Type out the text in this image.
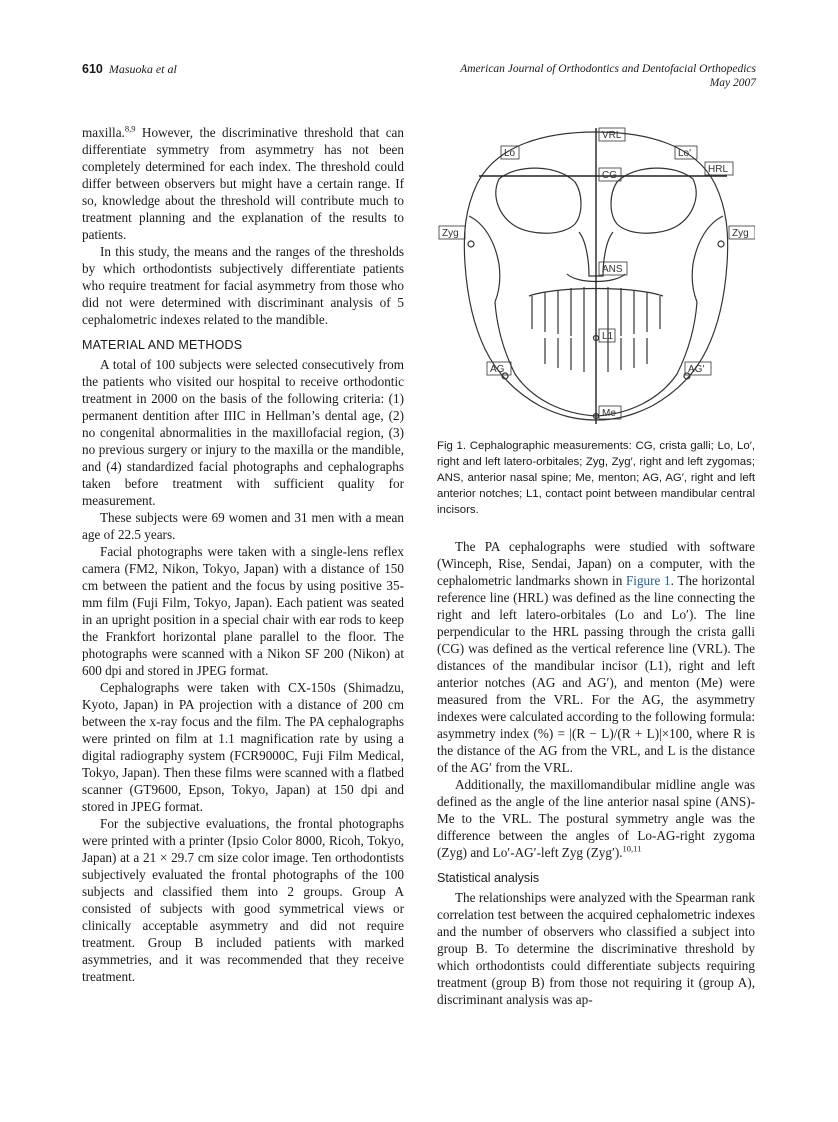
610 Masuoka et al	American Journal of Orthodontics and Dentofacial Orthopedics
May 2007

maxilla.$^{8,9}$ However, the discriminative threshold that can differentiate symmetry from asymmetry has not been completely determined for each index. The threshold could differ between observers but might have a certain range. If so, knowledge about the threshold will contribute much to treatment planning and the explanation of the results to patients.

In this study, the means and the ranges of the thresholds by which orthodontists subjectively differentiate patients who require treatment for facial asymmetry from those who did not were determined with discriminant analysis of 5 cephalometric indexes related to the mandible.

MATERIAL AND METHODS

A total of 100 subjects were selected consecutively from the patients who visited our hospital to receive orthodontic treatment in 2000 on the basis of the following criteria: (1) permanent dentition after IIIC in Hellman’s dental age, (2) no congenital abnormalities in the maxillofacial region, (3) no previous surgery or injury to the maxilla or the mandible, and (4) standardized facial photographs and cephalographs taken before treatment with sufficient quality for measurement.

These subjects were 69 women and 31 men with a mean age of 22.5 years.

Facial photographs were taken with a single-lens reflex camera (FM2, Nikon, Tokyo, Japan) with a distance of 150 cm between the patient and the focus by using positive 35-mm film (Fuji Film, Tokyo, Japan). Each patient was seated in an upright position in a special chair with ear rods to keep the Frankfort horizontal plane parallel to the floor. The photographs were scanned with a Nikon SF 200 (Nikon) at 600 dpi and stored in JPEG format.

Cephalographs were taken with CX-150s (Shimadzu, Kyoto, Japan) in PA projection with a distance of 200 cm between the x-ray focus and the film. The PA cephalographs were printed on film at 1.1 magnification rate by using a digital radiography system (FCR9000C, Fuji Film Medical, Tokyo, Japan). Then these films were scanned with a flatbed scanner (GT9600, Epson, Tokyo, Japan) at 150 dpi and stored in JPEG format.

For the subjective evaluations, the frontal photographs were printed with a printer (Ipsio Color 8000, Ricoh, Tokyo, Japan) at a 21 × 29.7 cm size color image. Ten orthodontists subjectively evaluated the frontal photographs of the 100 subjects and classified them into 2 groups. Group A consisted of subjects with good symmetrical views or clinically acceptable asymmetry and did not require treatment. Group B included patients with marked asymmetries, and it was recommended that they receive treatment.

VRL
HRL
CG
Lo	Lo'
Zyg	Zyg
ANS
L1
AG	AG'
Me
Fig 1. Cephalographic measurements: CG, crista galli; Lo, Lo′, right and left latero-orbitales; Zyg, Zyg′, right and left zygomas; ANS, anterior nasal spine; Me, menton; AG, AG′, right and left anterior notches; L1, contact point between mandibular central incisors.

The PA cephalographs were studied with software (Winceph, Rise, Sendai, Japan) on a computer, with the cephalometric landmarks shown in Figure 1. The horizontal reference line (HRL) was defined as the line connecting the right and left latero-orbitales (Lo and Lo′). The line perpendicular to the HRL passing through the crista galli (CG) was defined as the vertical reference line (VRL). The distances of the mandibular incisor (L1), right and left anterior notches (AG and AG′), and menton (Me) were measured from the VRL. For the AG, the asymmetry indexes were calculated according to the following formula: asymmetry index (%) = |(R − L)/(R + L)|×100, where R is the distance of the AG from the VRL, and L is the distance of the AG′ from the VRL.

Additionally, the maxillomandibular midline angle was defined as the angle of the line anterior nasal spine (ANS)-Me to the VRL. The postural symmetry angle was the difference between the angles of Lo-AG-right zygoma (Zyg) and Lo′-AG′-left Zyg (Zyg′).$^{10,11}$

Statistical analysis

The relationships were analyzed with the Spearman rank correlation test between the acquired cephalometric indexes and the number of observers who classified a subject into group B. To determine the discriminative threshold by which orthodontists could differentiate subjects requiring treatment (group B) from those not requiring it (group A), discriminant analysis was ap-
